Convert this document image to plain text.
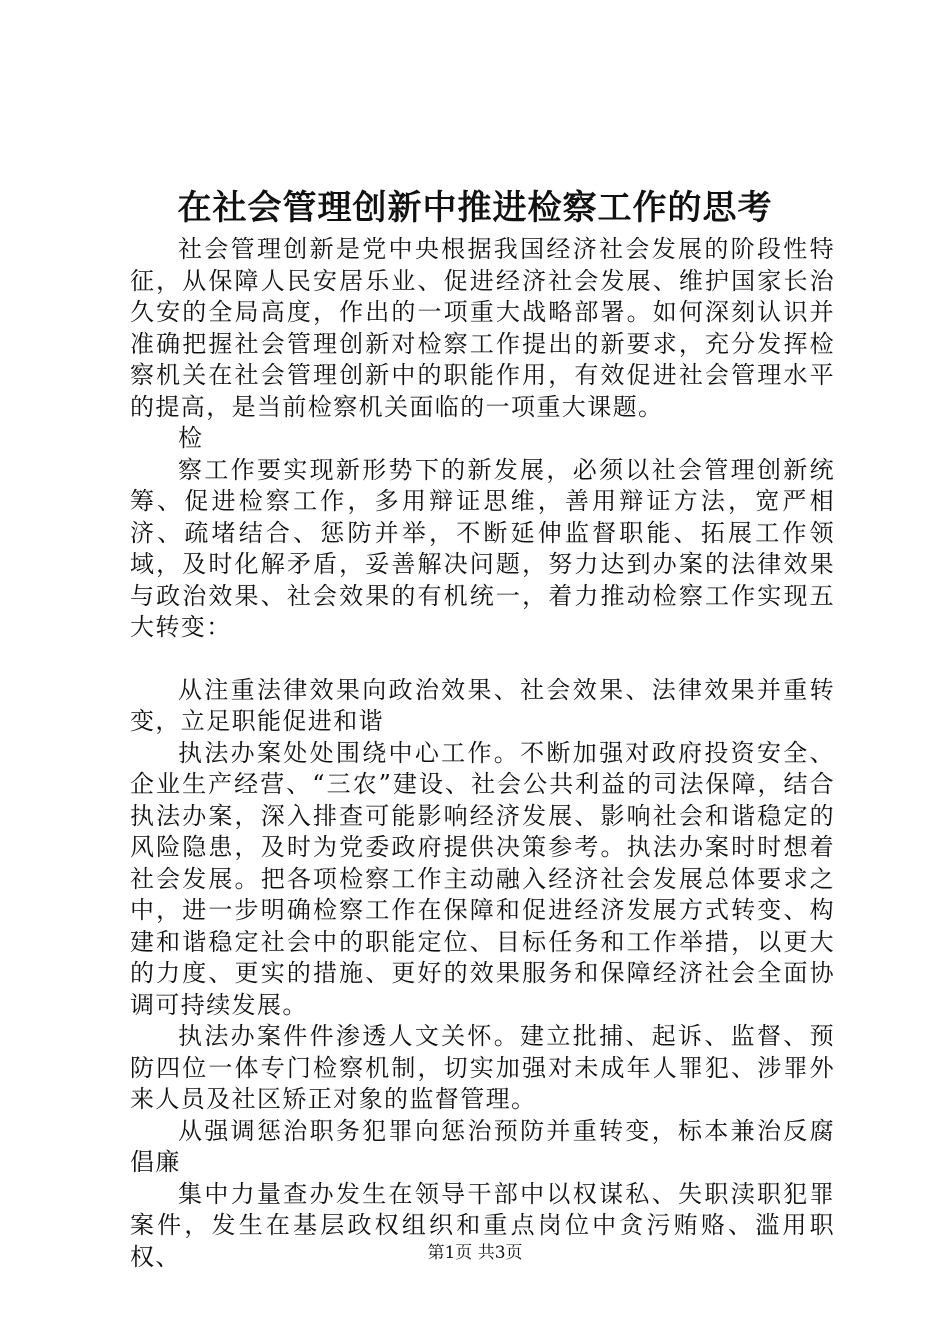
在社会管理创新中推进检察工作的思考

社会管理创新是党中央根据我国经济社会发展的阶段性特征，从保障人民安居乐业、促进经济社会发展、维护国家长治久安的全局高度，作出的一项重大战略部署。如何深刻认识并准确把握社会管理创新对检察工作提出的新要求，充分发挥检察机关在社会管理创新中的职能作用，有效促进社会管理水平的提高，是当前检察机关面临的一项重大课题。

检

察工作要实现新形势下的新发展，必须以社会管理创新统筹、促进检察工作，多用辩证思维，善用辩证方法，宽严相济、疏堵结合、惩防并举，不断延伸监督职能、拓展工作领域，及时化解矛盾，妥善解决问题，努力达到办案的法律效果与政治效果、社会效果的有机统一，着力推动检察工作实现五大转变：

从注重法律效果向政治效果、社会效果、法律效果并重转变，立足职能促进和谐

执法办案处处围绕中心工作。不断加强对政府投资安全、企业生产经营、“三农”建设、社会公共利益的司法保障，结合执法办案，深入排查可能影响经济发展、影响社会和谐稳定的风险隐患，及时为党委政府提供决策参考。执法办案时时想着社会发展。把各项检察工作主动融入经济社会发展总体要求之中，进一步明确检察工作在保障和促进经济发展方式转变、构建和谐稳定社会中的职能定位、目标任务和工作举措，以更大的力度、更实的措施、更好的效果服务和保障经济社会全面协调可持续发展。

执法办案件件渗透人文关怀。建立批捕、起诉、监督、预防四位一体专门检察机制，切实加强对未成年人罪犯、涉罪外来人员及社区矫正对象的监督管理。

从强调惩治职务犯罪向惩治预防并重转变，标本兼治反腐倡廉

集中力量查办发生在领导干部中以权谋私、失职渎职犯罪案件，发生在基层政权组织和重点岗位中贪污贿赂、滥用职权、	第1页 共3页
